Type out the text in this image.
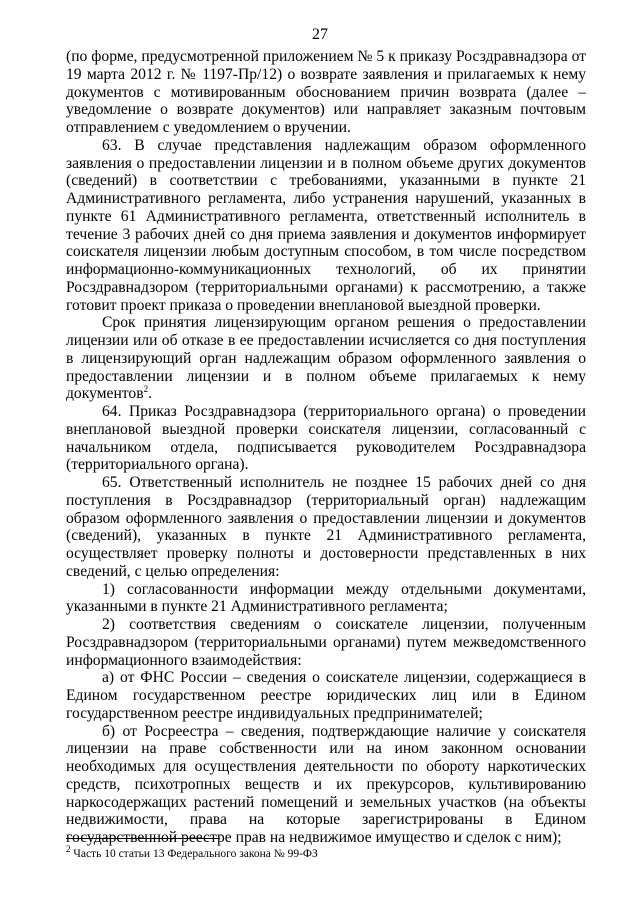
27

(по форме, предусмотренной приложением № 5 к приказу Росздравнадзора от 19 марта 2012 г. № 1197-Пр/12) о возврате заявления и прилагаемых к нему документов с мотивированным обоснованием причин возврата (далее – уведомление о возврате документов) или направляет заказным почтовым отправлением с уведомлением о вручении.

63. В случае представления надлежащим образом оформленного заявления о предоставлении лицензии и в полном объеме других документов (сведений) в соответствии с требованиями, указанными в пункте 21 Административного регламента, либо устранения нарушений, указанных в пункте 61 Административного регламента, ответственный исполнитель в течение 3 рабочих дней со дня приема заявления и документов информирует соискателя лицензии любым доступным способом, в том числе посредством информационно-коммуникационных технологий, об их принятии Росздравнадзором (территориальными органами) к рассмотрению, а также готовит проект приказа о проведении внеплановой выездной проверки.

Срок принятия лицензирующим органом решения о предоставлении лицензии или об отказе в ее предоставлении исчисляется со дня поступления в лицензирующий орган надлежащим образом оформленного заявления о предоставлении лицензии и в полном объеме прилагаемых к нему документов$^2$.

64. Приказ Росздравнадзора (территориального органа) о проведении внеплановой выездной проверки соискателя лицензии, согласованный с начальником отдела, подписывается руководителем Росздравнадзора (территориального органа).

65. Ответственный исполнитель не позднее 15 рабочих дней со дня поступления в Росздравнадзор (территориальный орган) надлежащим образом оформленного заявления о предоставлении лицензии и документов (сведений), указанных в пункте 21 Административного регламента, осуществляет проверку полноты и достоверности представленных в них сведений, с целью определения:

1) согласованности информации между отдельными документами, указанными в пункте 21 Административного регламента;

2) соответствия сведениям о соискателе лицензии, полученным Росздравнадзором (территориальными органами) путем межведомственного информационного взаимодействия:

а) от ФНС России – сведения о соискателе лицензии, содержащиеся в Едином государственном реестре юридических лиц или в Едином государственном реестре индивидуальных предпринимателей;

б) от Росреестра – сведения, подтверждающие наличие у соискателя лицензии на праве собственности или на ином законном основании необходимых для осуществления деятельности по обороту наркотических средств, психотропных веществ и их прекурсоров, культивированию наркосодержащих растений помещений и земельных участков (на объекты недвижимости, права на которые зарегистрированы в Едином государственной реестре прав на недвижимое имущество и сделок с ним);

$^2$ Часть 10 статьи 13 Федерального закона № 99-ФЗ
